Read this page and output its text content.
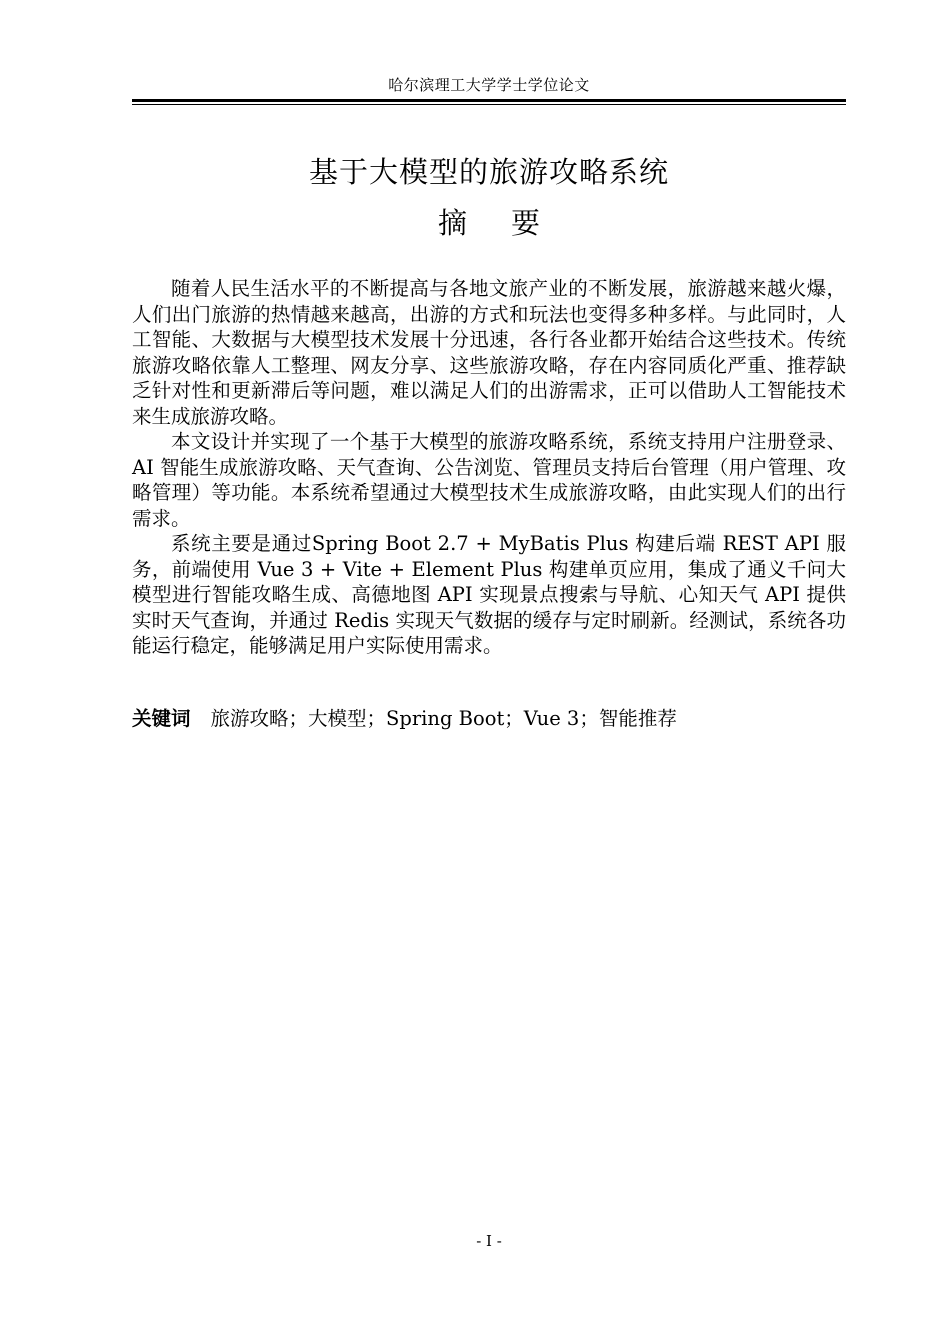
哈尔滨理工大学学士学位论文
基于大模型的旅游攻略系统
摘 要

随着人民生活水平的不断提高与各地文旅产业的不断发展，旅游越来越火爆，人们出门旅游的热情越来越高，出游的方式和玩法也变得多种多样。与此同时，人工智能、大数据与大模型技术发展十分迅速，各行各业都开始结合这些技术。传统旅游攻略依靠人工整理、网友分享、这些旅游攻略，存在内容同质化严重、推荐缺乏针对性和更新滞后等问题，难以满足人们的出游需求，正可以借助人工智能技术来生成旅游攻略。

本文设计并实现了一个基于大模型的旅游攻略系统，系统支持用户注册登录、AI 智能生成旅游攻略、天气查询、公告浏览、管理员支持后台管理（用户管理、攻略管理）等功能。本系统希望通过大模型技术生成旅游攻略，由此实现人们的出行需求。

系统主要是通过Spring Boot 2.7 + MyBatis Plus 构建后端 REST API 服务，前端使用 Vue 3 + Vite + Element Plus 构建单页应用，集成了通义千问大模型进行智能攻略生成、高德地图 API 实现景点搜索与导航、心知天气 API 提供实时天气查询，并通过 Redis 实现天气数据的缓存与定时刷新。经测试，系统各功能运行稳定，能够满足用户实际使用需求。

关键词 旅游攻略；大模型；Spring Boot；Vue 3；智能推荐
- I -
